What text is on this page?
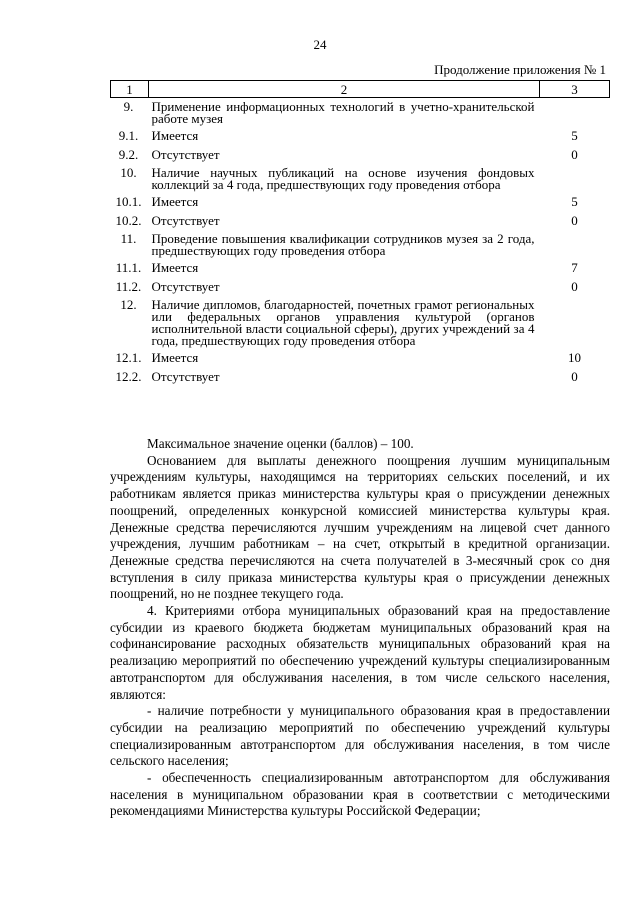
24
Продолжение приложения № 1
1	2	3
9.	Применение информационных технологий в учетно-хранительской работе музея	
9.1.	Имеется	5
9.2.	Отсутствует	0
10.	Наличие научных публикаций на основе изучения фондовых коллекций за 4 года, предшествующих году проведения отбора	
10.1.	Имеется	5
10.2.	Отсутствует	0
11.	Проведение повышения квалификации сотрудников музея за 2 года, предшествующих году проведения отбора	
11.1.	Имеется	7
11.2.	Отсутствует	0
12.	Наличие дипломов, благодарностей, почетных грамот региональных или федеральных органов управления культурой (органов исполнительной власти социальной сферы), других учреждений за 4 года, предшествующих году проведения отбора	
12.1.	Имеется	10
12.2.	Отсутствует	0

Максимальное значение оценки (баллов) – 100.

Основанием для выплаты денежного поощрения лучшим муниципальным учреждениям культуры, находящимся на территориях сельских поселений, и их работникам является приказ министерства культуры края о присуждении денежных поощрений, определенных конкурсной комиссией министерства культуры края. Денежные средства перечисляются лучшим учреждениям на лицевой счет данного учреждения, лучшим работникам – на счет, открытый в кредитной организации. Денежные средства перечисляются на счета получателей в 3-месячный срок со дня вступления в силу приказа министерства культуры края о присуждении денежных поощрений, но не позднее текущего года.

4. Критериями отбора муниципальных образований края на предоставление субсидии из краевого бюджета бюджетам муниципальных образований края на софинансирование расходных обязательств муниципальных образований края на реализацию мероприятий по обеспечению учреждений культуры специализированным автотранспортом для обслуживания населения, в том числе сельского населения, являются:

- наличие потребности у муниципального образования края в предоставлении субсидии на реализацию мероприятий по обеспечению учреждений культуры специализированным автотранспортом для обслуживания населения, в том числе сельского населения;

- обеспеченность специализированным автотранспортом для обслуживания населения в муниципальном образовании края в соответствии с методическими рекомендациями Министерства культуры Российской Федерации;
